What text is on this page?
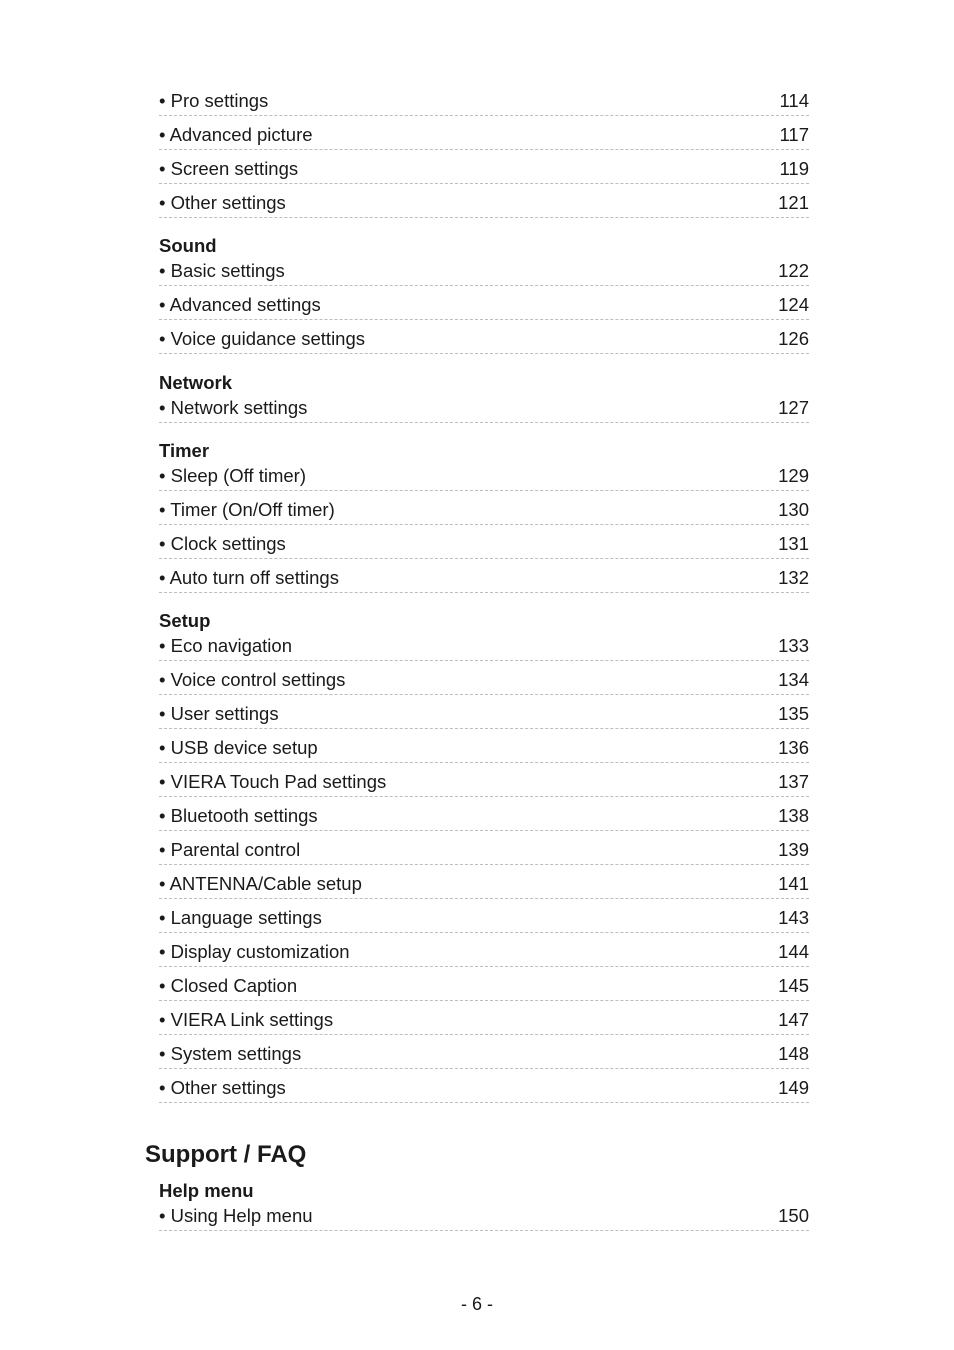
• Pro settings	114
• Advanced picture	117
• Screen settings	119
• Other settings	121
Sound
• Basic settings	122
• Advanced settings	124
• Voice guidance settings	126
Network
• Network settings	127
Timer
• Sleep (Off timer)	129
• Timer (On/Off timer)	130
• Clock settings	131
• Auto turn off settings	132
Setup
• Eco navigation	133
• Voice control settings	134
• User settings	135
• USB device setup	136
• VIERA Touch Pad settings	137
• Bluetooth settings	138
• Parental control	139
• ANTENNA/Cable setup	141
• Language settings	143
• Display customization	144
• Closed Caption	145
• VIERA Link settings	147
• System settings	148
• Other settings	149
Support / FAQ
Help menu
• Using Help menu	150
- 6 -
